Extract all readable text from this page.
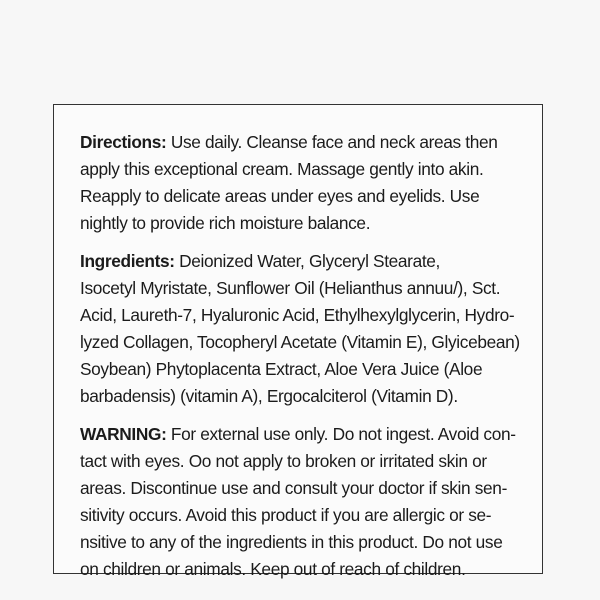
Directions: Use daily. Cleanse face and neck areas then
apply this exceptional cream. Massage gently into akin.
Reapply to delicate areas under eyes and eyelids. Use
nightly to provide rich moisture balance.
Ingredients: Deionized Water, Glyceryl Stearate,
Isocetyl Myristate, Sunflower Oil (Helianthus annuu/), Sct.
Acid, Laureth-7, Hyaluronic Acid, Ethylhexylglycerin, Hydro-
lyzed Collagen, Tocopheryl Acetate (Vitamin E), Glyicebean)
Soybean) Phytoplacenta Extract, Aloe Vera Juice (Aloe
barbadensis) (vitamin A), Ergocalciterol (Vitamin D).
WARNING: For external use only. Do not ingest. Avoid con-
tact with eyes. Oo not apply to broken or irritated skin or
areas. Discontinue use and consult your doctor if skin sen-
sitivity occurs. Avoid this product if you are allergic or se-
nsitive to any of the ingredients in this product. Do not use
on children or animals. Keep out of reach of children.
